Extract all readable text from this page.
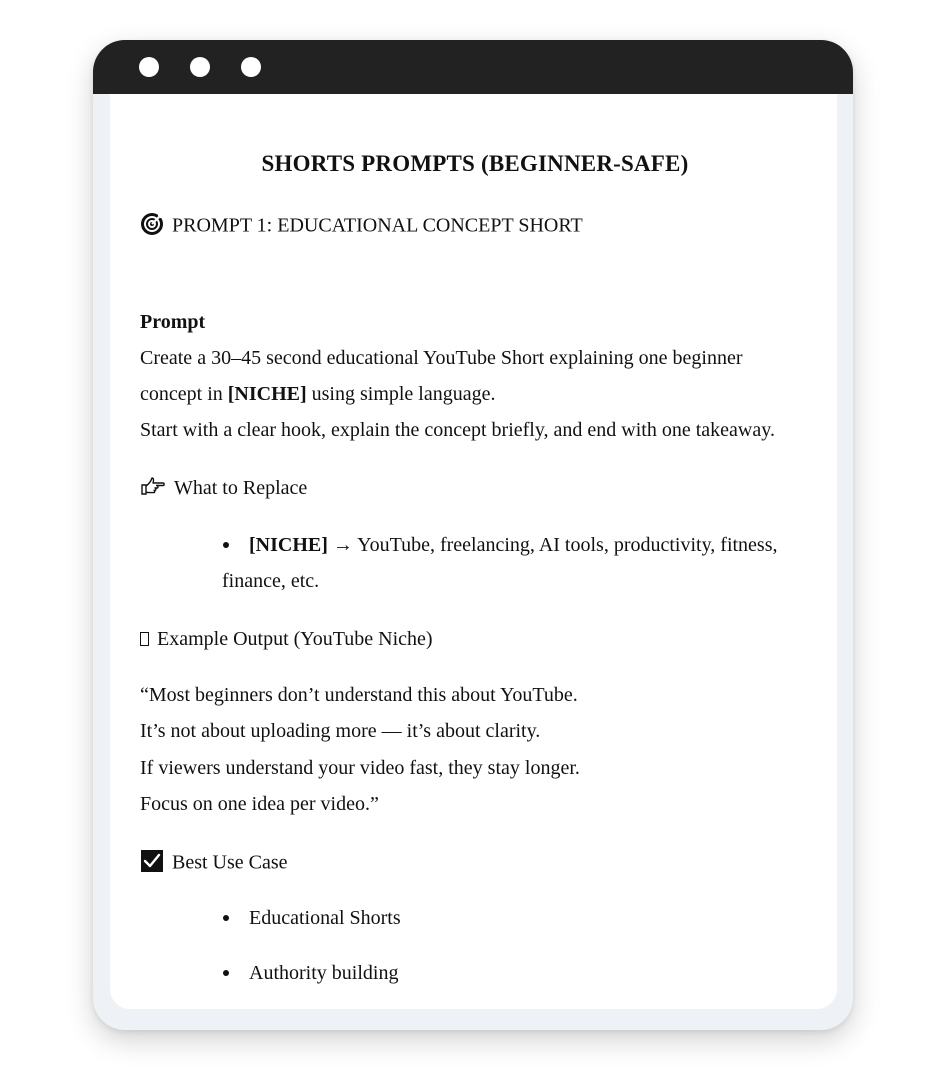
SHORTS PROMPTS (BEGINNER-SAFE)
PROMPT 1: EDUCATIONAL CONCEPT SHORT
Prompt
Create a 30–45 second educational YouTube Short explaining one beginner
concept in [NICHE] using simple language.
Start with a clear hook, explain the concept briefly, and end with one takeaway.
What to Replace
[NICHE] → YouTube, freelancing, AI tools, productivity, fitness,
finance, etc.
Example Output (YouTube Niche)
“Most beginners don’t understand this about YouTube.
It’s not about uploading more — it’s about clarity.
If viewers understand your video fast, they stay longer.
Focus on one idea per video.”
Best Use Case
Educational Shorts
Authority building
